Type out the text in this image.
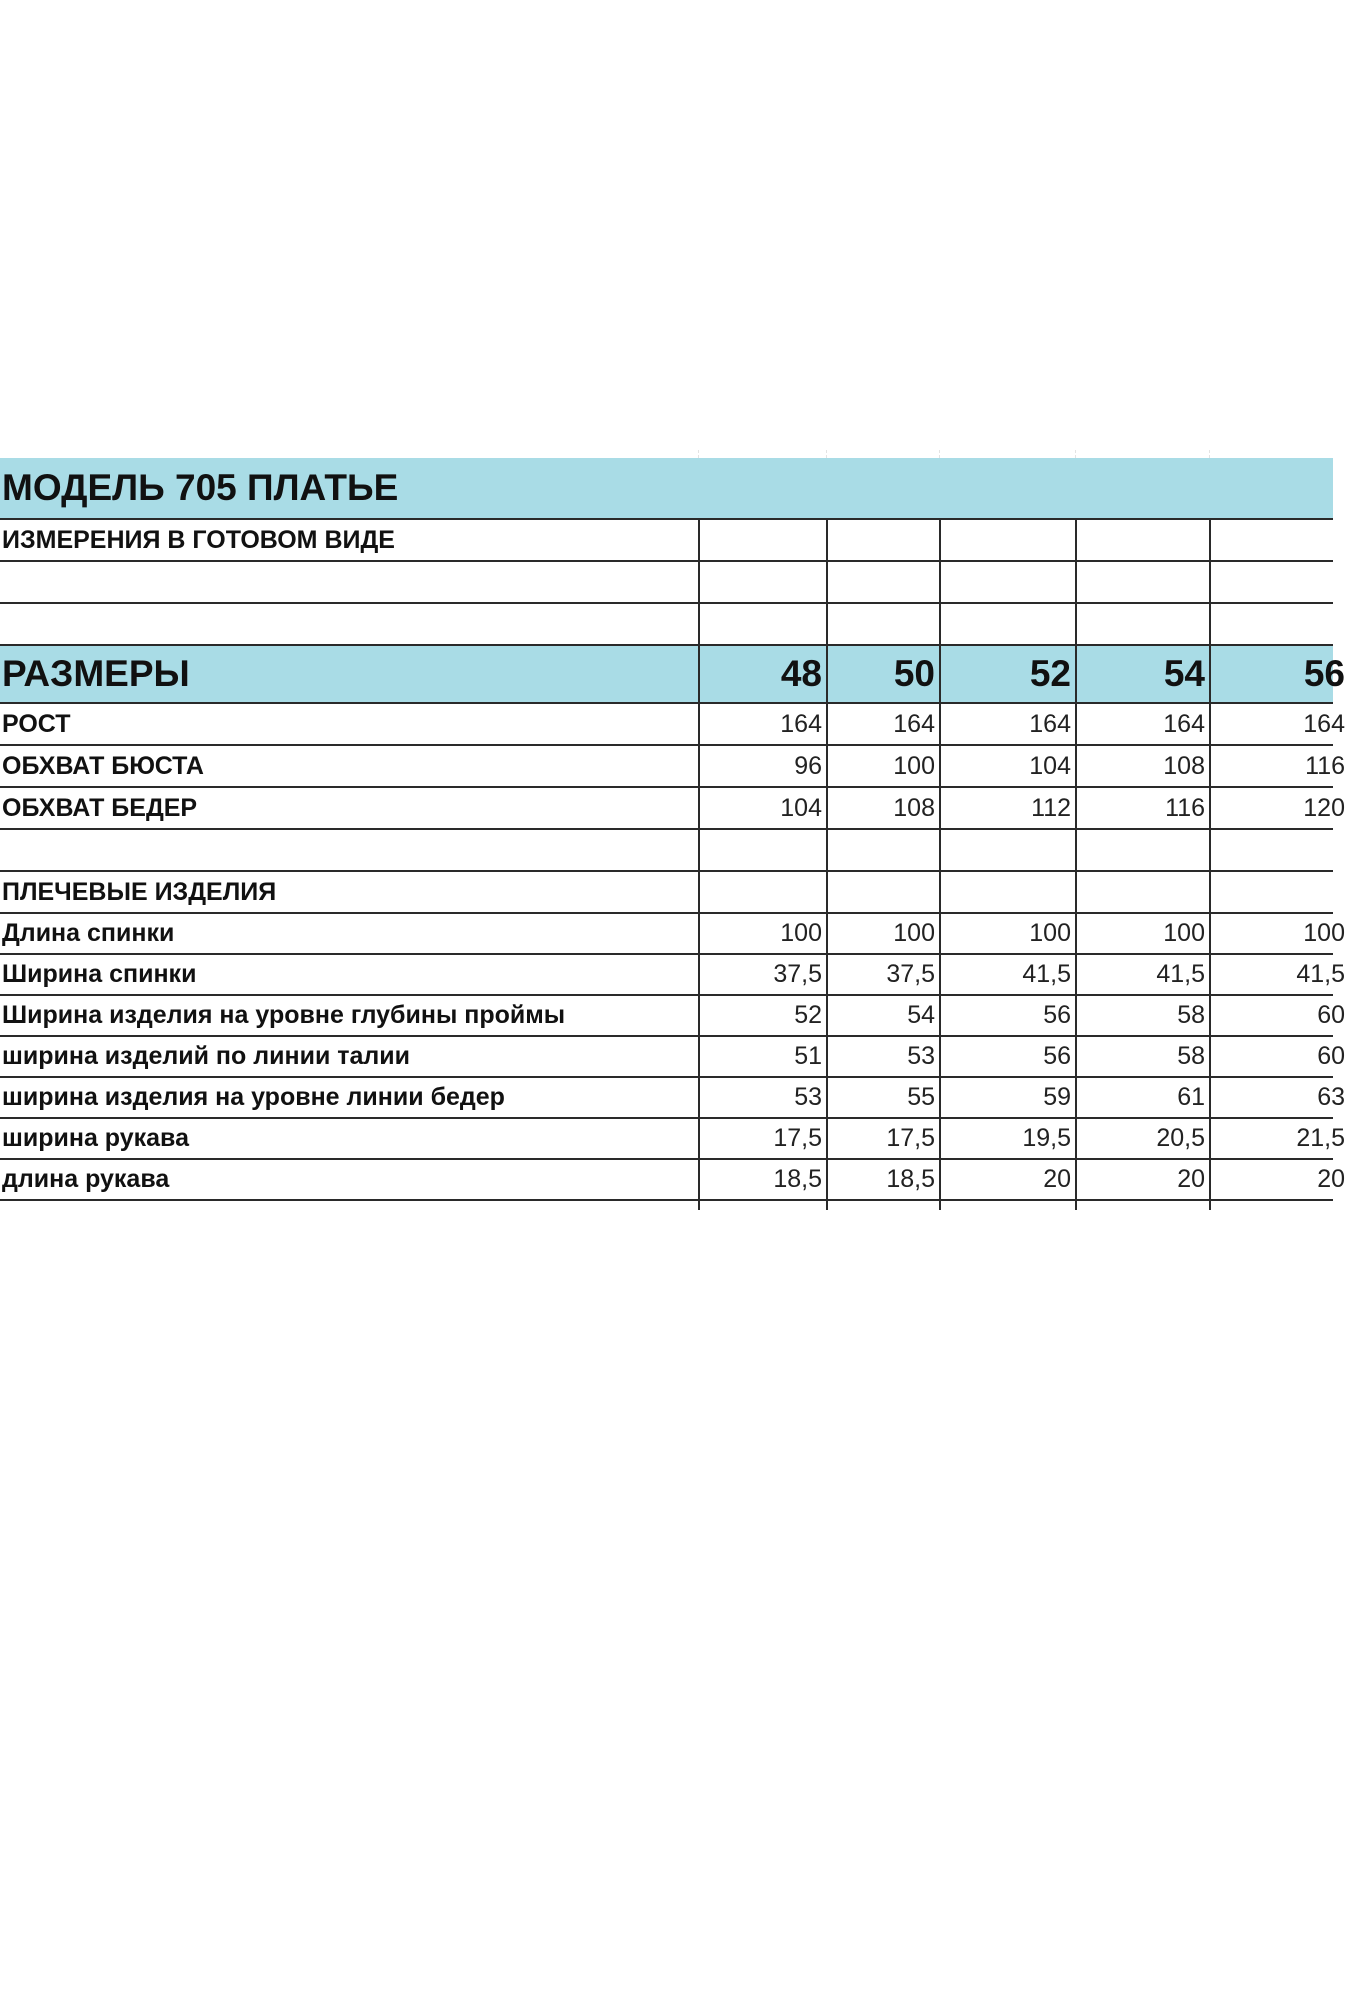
МОДЕЛЬ 705 ПЛАТЬЕ
ИЗМЕРЕНИЯ В ГОТОВОМ ВИДЕ
РАЗМЕРЫ	48	50	52	54	56
РОСТ	164	164	164	164	164
ОБХВАТ БЮСТА	96	100	104	108	116
ОБХВАТ БЕДЕР	104	108	112	116	120
ПЛЕЧЕВЫЕ ИЗДЕЛИЯ
Длина спинки	100	100	100	100	100
Ширина спинки	37,5	37,5	41,5	41,5	41,5
Ширина изделия на уровне глубины проймы	52	54	56	58	60
ширина изделий по линии талии	51	53	56	58	60
ширина изделия на уровне линии бедер	53	55	59	61	63
ширина рукава	17,5	17,5	19,5	20,5	21,5
длина рукава	18,5	18,5	20	20	20
